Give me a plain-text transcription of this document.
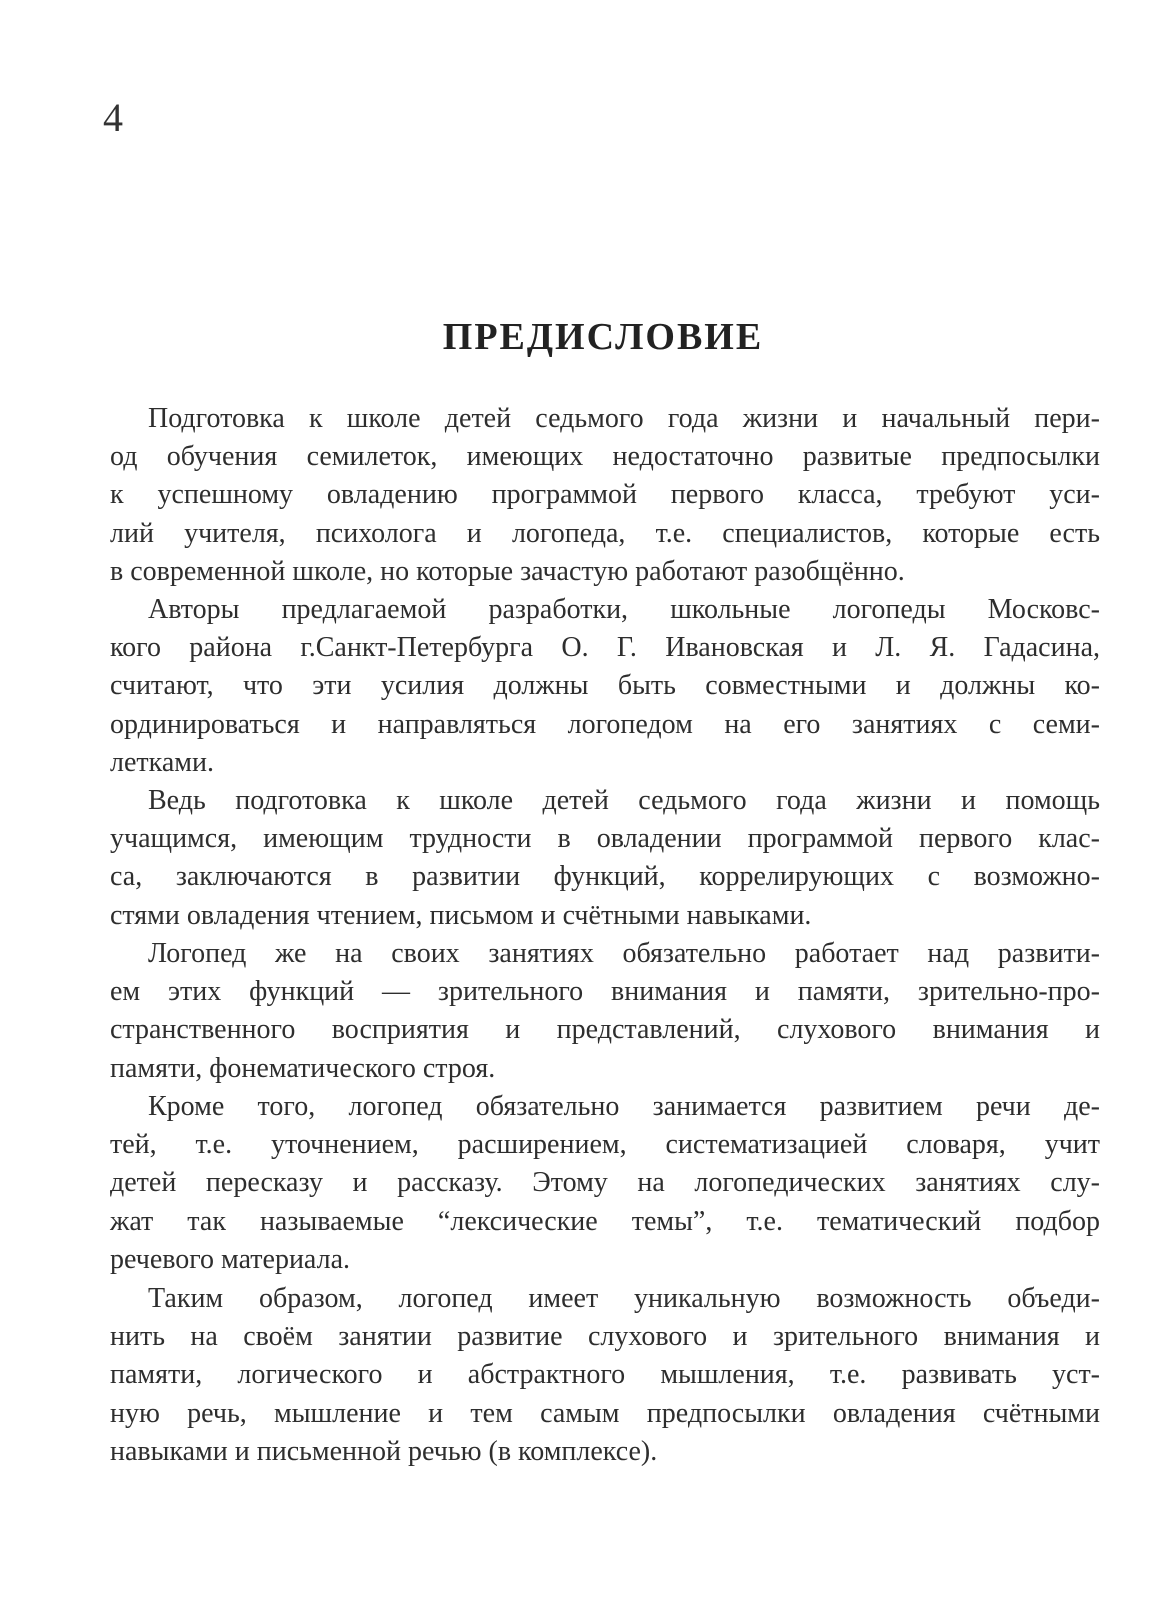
4
ПРЕДИСЛОВИЕ
Подготовка к школе детей седьмого года жизни и начальный пери-
од обучения семилеток, имеющих недостаточно развитые предпосылки
к успешному овладению программой первого класса, требуют уси-
лий учителя, психолога и логопеда, т.е. специалистов, которые есть
в современной школе, но которые зачастую работают разобщённо.
Авторы предлагаемой разработки, школьные логопеды Московс-
кого района г.Санкт-Петербурга О. Г. Ивановская и Л. Я. Гадасина,
считают, что эти усилия должны быть совместными и должны ко-
ординироваться и направляться логопедом на его занятиях с семи-
летками.
Ведь подготовка к школе детей седьмого года жизни и помощь
учащимся, имеющим трудности в овладении программой первого клас-
са, заключаются в развитии функций, коррелирующих с возможно-
стями овладения чтением, письмом и счётными навыками.
Логопед же на своих занятиях обязательно работает над развити-
ем этих функций — зрительного внимания и памяти, зрительно-про-
странственного восприятия и представлений, слухового внимания и
памяти, фонематического строя.
Кроме того, логопед обязательно занимается развитием речи де-
тей, т.е. уточнением, расширением, систематизацией словаря, учит
детей пересказу и рассказу. Этому на логопедических занятиях слу-
жат так называемые “лексические темы”, т.е. тематический подбор
речевого материала.
Таким образом, логопед имеет уникальную возможность объеди-
нить на своём занятии развитие слухового и зрительного внимания и
памяти, логического и абстрактного мышления, т.е. развивать уст-
ную речь, мышление и тем самым предпосылки овладения счётными
навыками и письменной речью (в комплексе).
